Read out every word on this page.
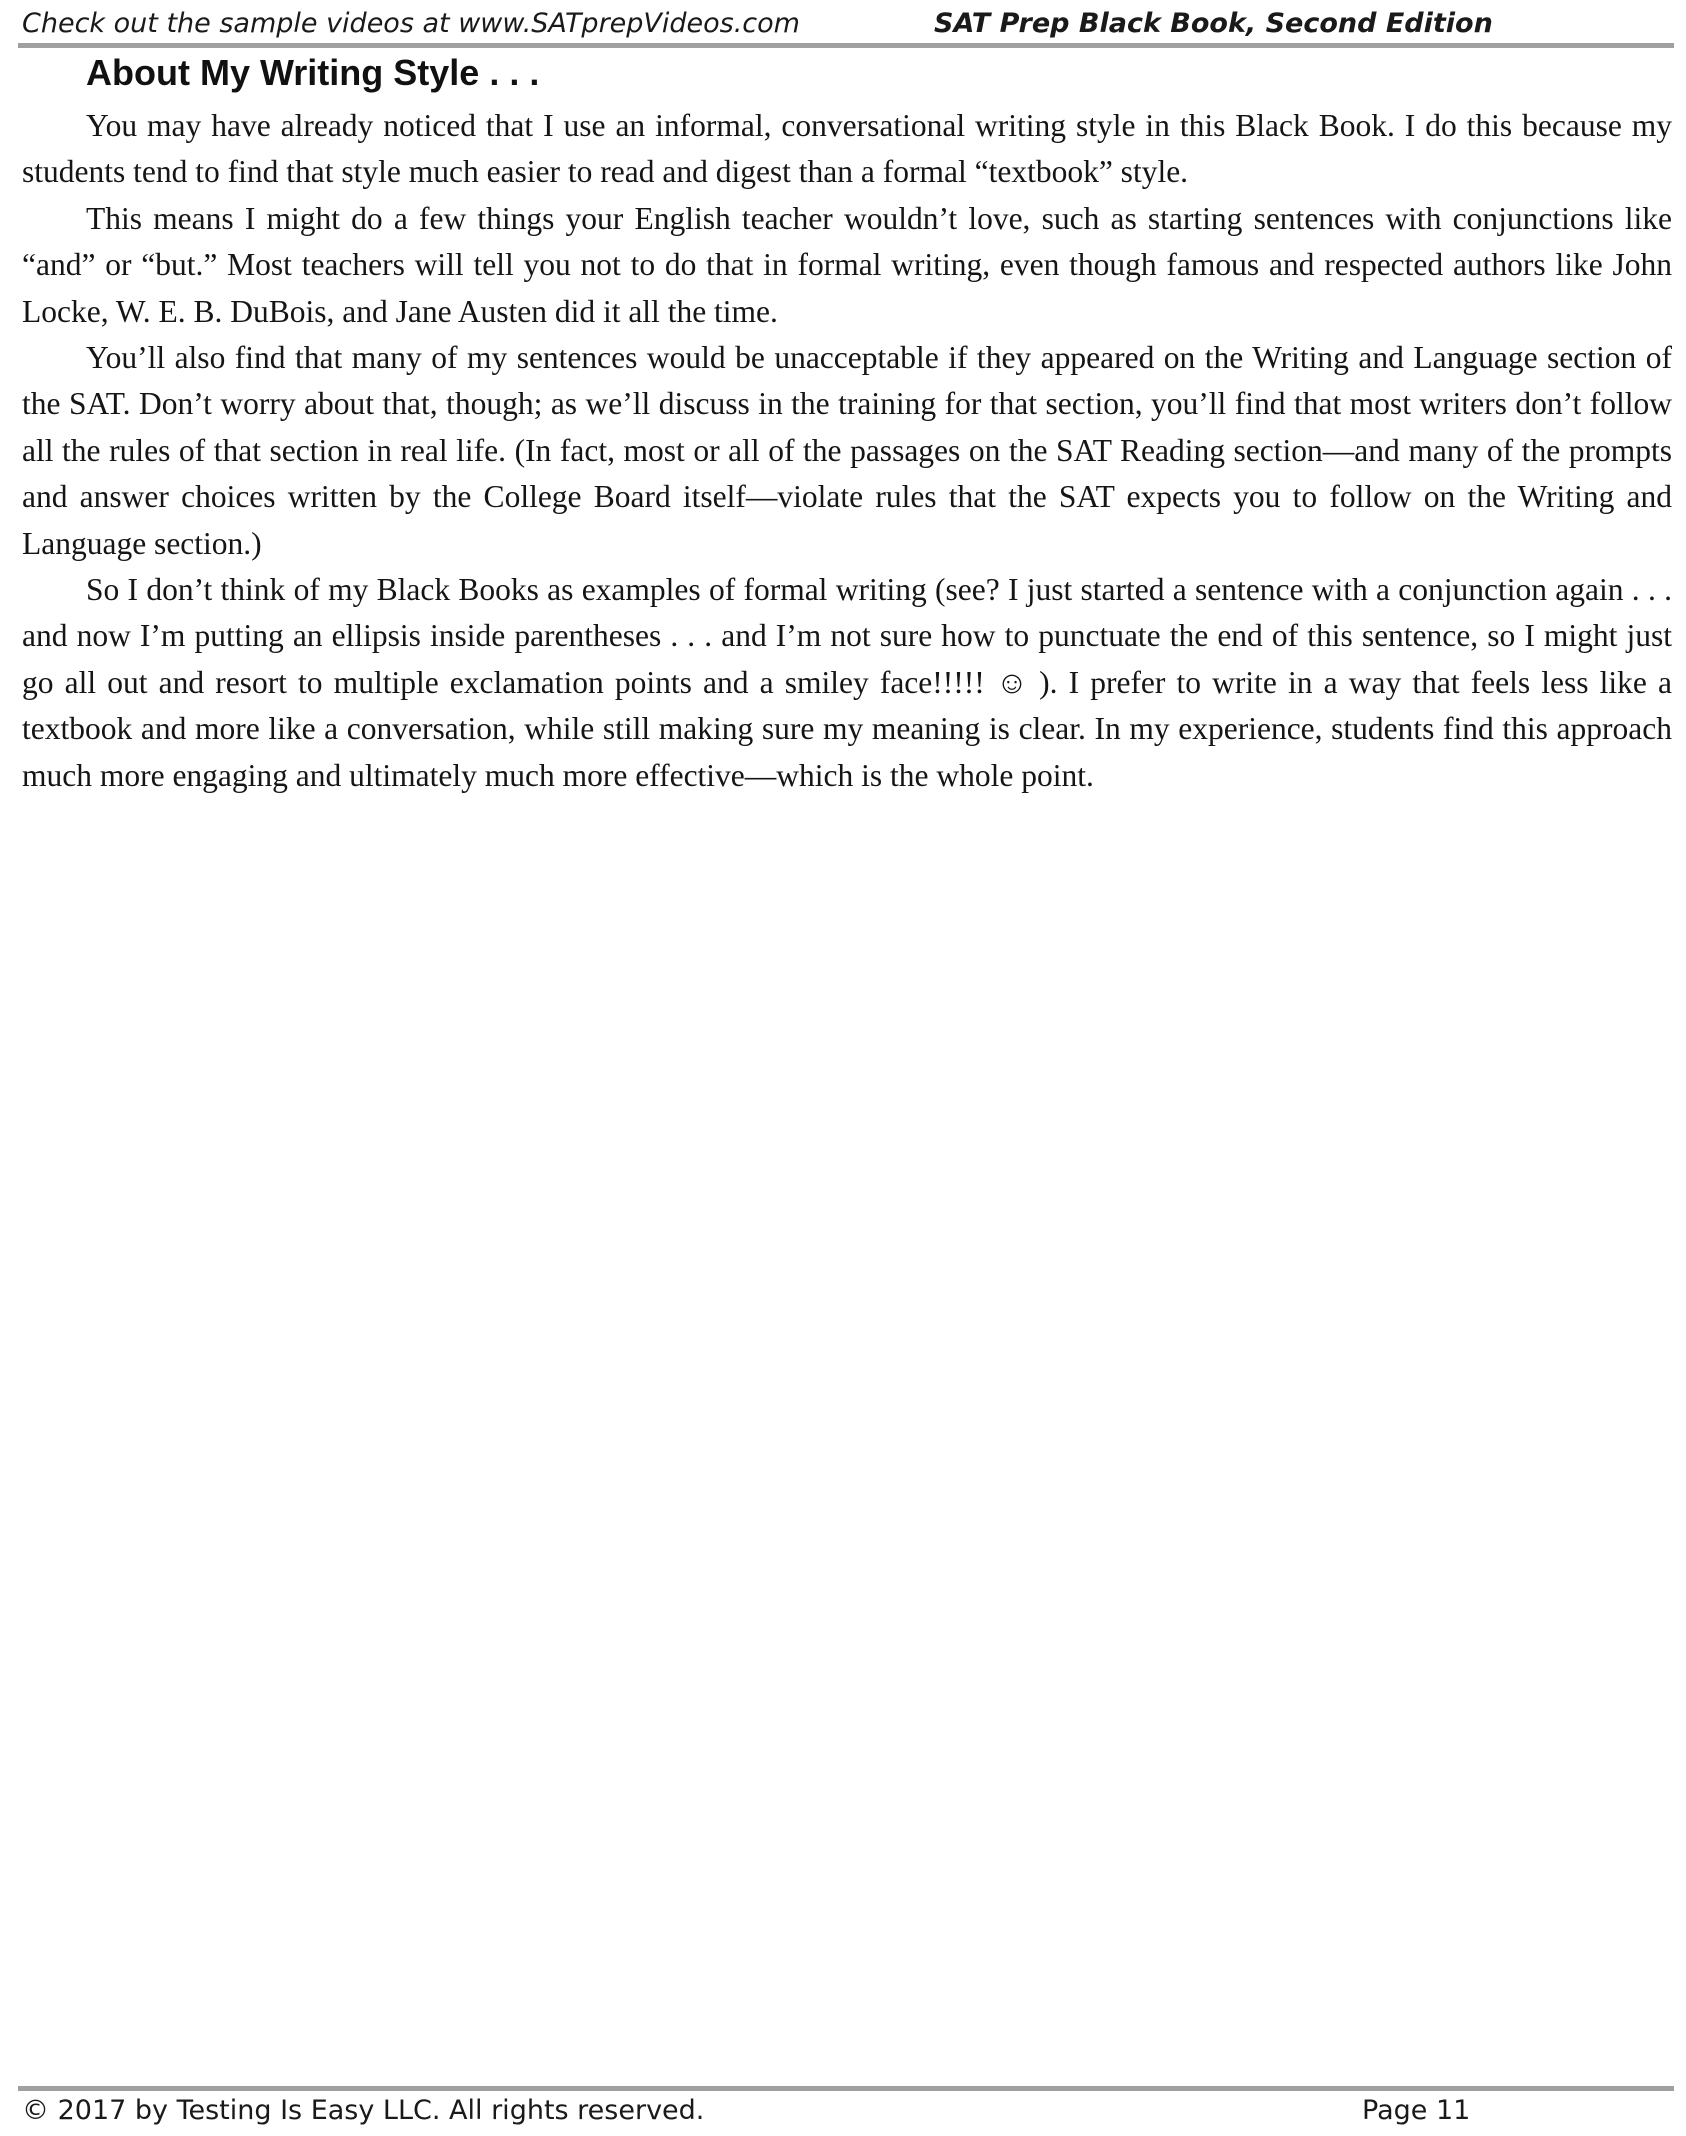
Check out the sample videos at www.SATprepVideos.com	SAT Prep Black Book, Second Edition
About My Writing Style . . .

You may have already noticed that I use an informal, conversational writing style in this Black Book. I do this because my students tend to find that style much easier to read and digest than a formal “textbook” style.

This means I might do a few things your English teacher wouldn’t love, such as starting sentences with conjunctions like “and” or “but.” Most teachers will tell you not to do that in formal writing, even though famous and respected authors like John Locke, W. E. B. DuBois, and Jane Austen did it all the time.

You’ll also find that many of my sentences would be unacceptable if they appeared on the Writing and Language section of the SAT. Don’t worry about that, though; as we’ll discuss in the training for that section, you’ll find that most writers don’t follow all the rules of that section in real life. (In fact, most or all of the passages on the SAT Reading section—and many of the prompts and answer choices written by the College Board itself—violate rules that the SAT expects you to follow on the Writing and Language section.)

So I don’t think of my Black Books as examples of formal writing (see? I just started a sentence with a conjunction again . . . and now I’m putting an ellipsis inside parentheses . . . and I’m not sure how to punctuate the end of this sentence, so I might just go all out and resort to multiple exclamation points and a smiley face!!!!! ☺ ). I prefer to write in a way that feels less like a textbook and more like a conversation, while still making sure my meaning is clear. In my experience, students find this approach much more engaging and ultimately much more effective—which is the whole point.

© 2017 by Testing Is Easy LLC. All rights reserved.	Page 11
